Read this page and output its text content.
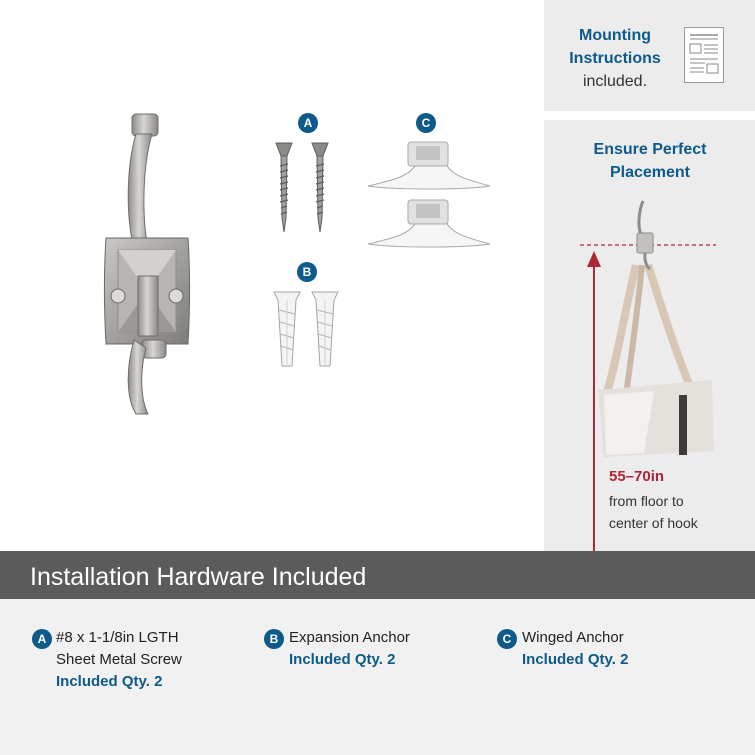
Mounting
Instructions
included.
Ensure Perfect
Placement
55–70in
from floor to
center of hook
A	C
B
Installation Hardware Included
A #8 x 1-1/8in LGTH
Sheet Metal Screw
Included Qty. 2
B Expansion Anchor
Included Qty. 2
C Winged Anchor
Included Qty. 2
